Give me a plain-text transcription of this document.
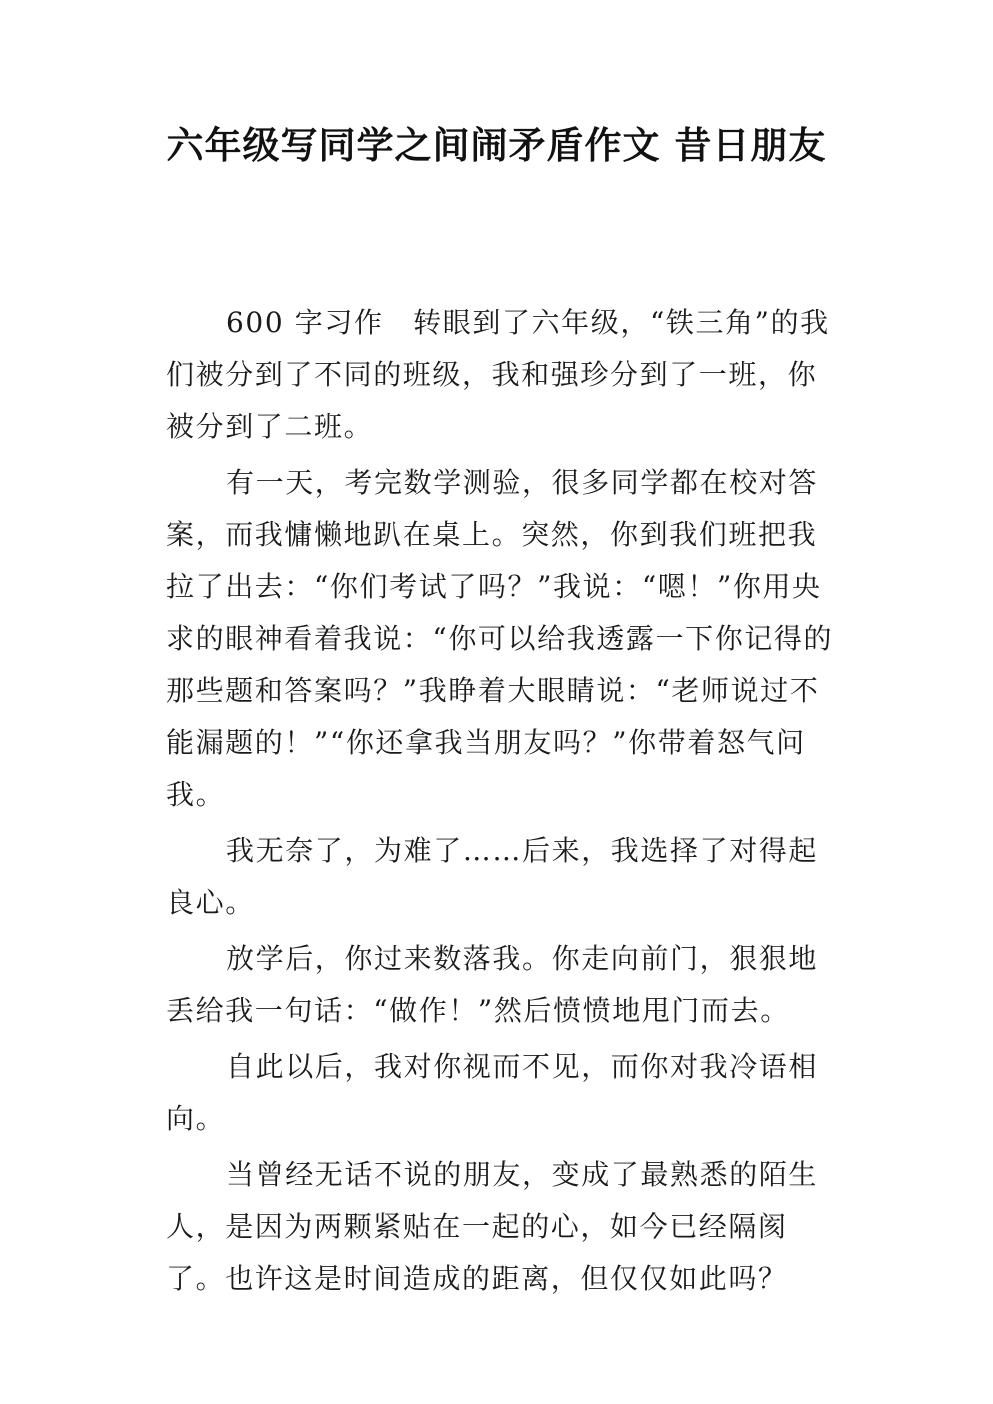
六年级写同学之间闹矛盾作文 昔日朋友

600 字习作　转眼到了六年级，“铁三角”的我们被分到了不同的班级，我和强珍分到了一班，你被分到了二班。

有一天，考完数学测验，很多同学都在校对答案，而我慵懒地趴在桌上。突然，你到我们班把我拉了出去：“你们考试了吗？”我说：“嗯！”你用央求的眼神看着我说：“你可以给我透露一下你记得的那些题和答案吗？”我睁着大眼睛说：“老师说过不能漏题的！”“你还拿我当朋友吗？”你带着怒气问我。

我无奈了，为难了……后来，我选择了对得起良心。

放学后，你过来数落我。你走向前门，狠狠地丢给我一句话：“做作！”然后愤愤地甩门而去。

自此以后，我对你视而不见，而你对我冷语相向。

当曾经无话不说的朋友，变成了最熟悉的陌生人，是因为两颗紧贴在一起的心，如今已经隔阂了。也许这是时间造成的距离，但仅仅如此吗？
